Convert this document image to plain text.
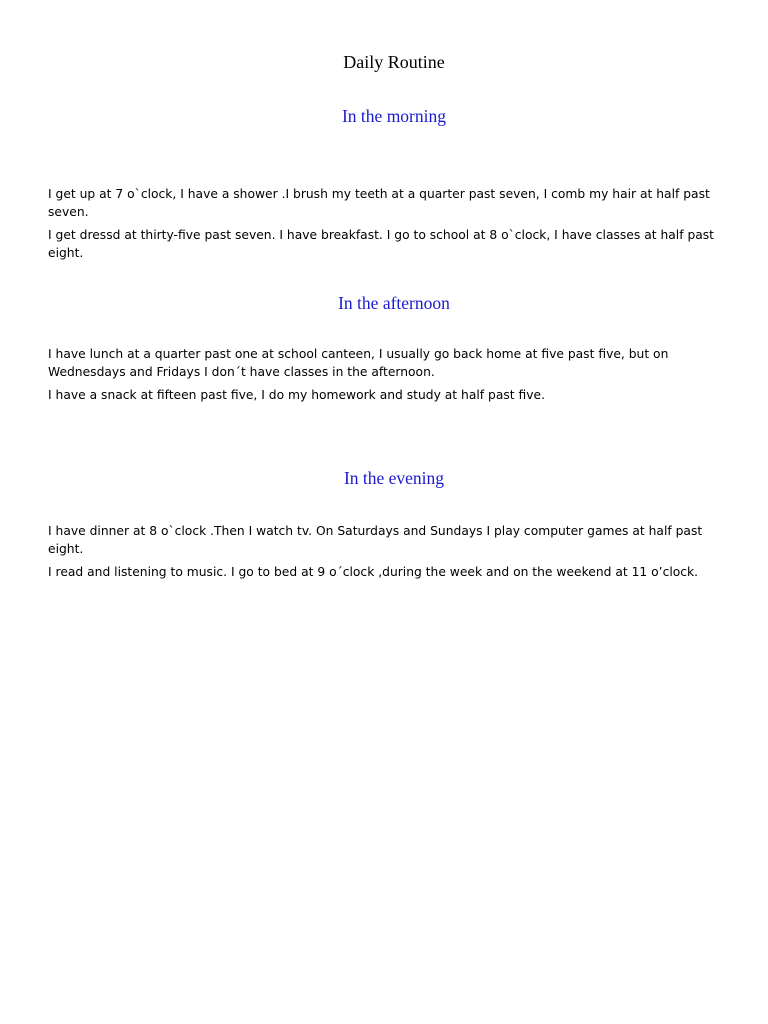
Daily Routine
In the morning

I get up at 7 o`clock, I have a shower .I brush my teeth at a quarter past seven, I comb my hair at half past seven.

I get dressd at thirty-five past seven. I have breakfast. I go to school at 8 o`clock, I have classes at half past eight.

In the afternoon

I have lunch at a quarter past one at school canteen, I usually go back home at five past five, but on Wednesdays and Fridays I don´t have classes in the afternoon.

I have a snack at fifteen past five, I do my homework and study at half past five.

In the evening

I have dinner at 8 o`clock .Then I watch tv. On Saturdays and Sundays I play computer games at half past eight.

I read and listening to music. I go to bed at 9 o´clock ,during the week and on the weekend at 11 o’clock.
